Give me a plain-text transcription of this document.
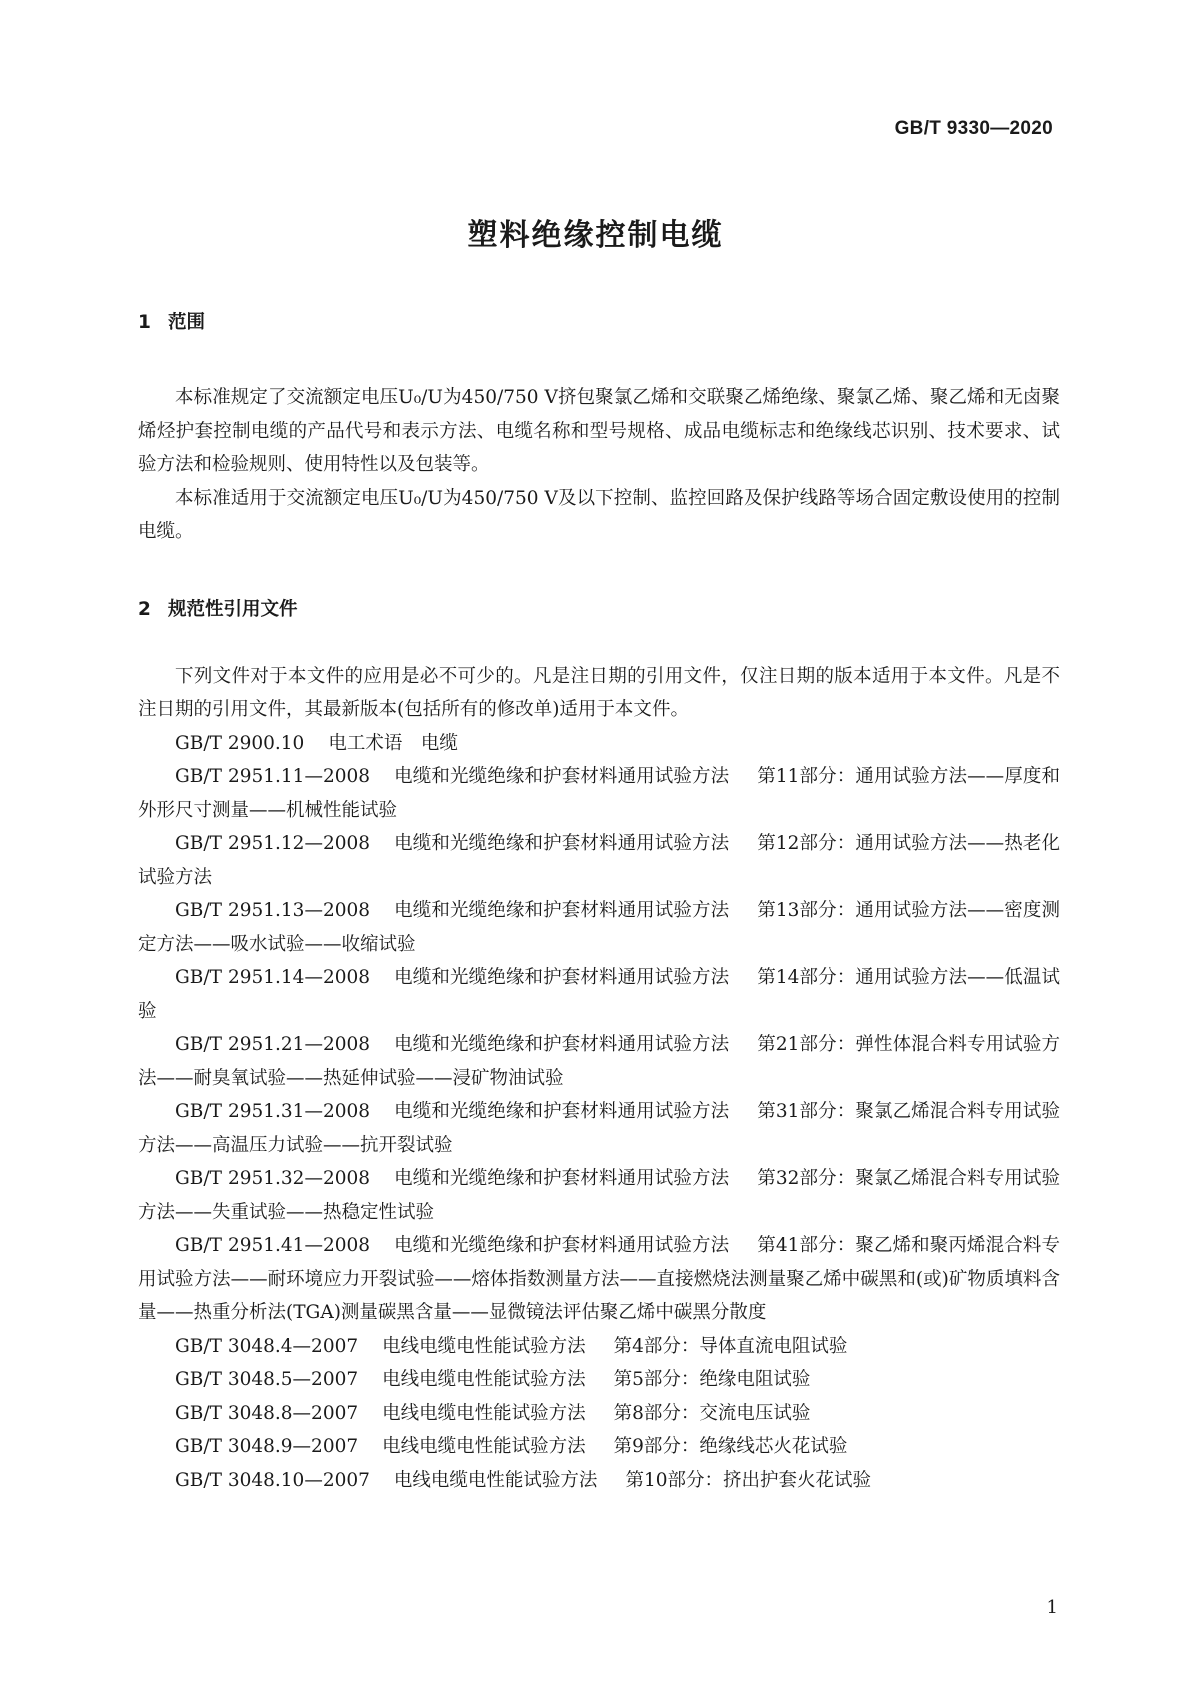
GB/T 9330—2020
塑料绝缘控制电缆
1 范围

本标准规定了交流额定电压U₀/U为450/750 V挤包聚氯乙烯和交联聚乙烯绝缘、聚氯乙烯、聚乙烯和无卤聚烯烃护套控制电缆的产品代号和表示方法、电缆名称和型号规格、成品电缆标志和绝缘线芯识别、技术要求、试验方法和检验规则、使用特性以及包装等。

本标准适用于交流额定电压U₀/U为450/750 V及以下控制、监控回路及保护线路等场合固定敷设使用的控制电缆。

2 规范性引用文件

下列文件对于本文件的应用是必不可少的。凡是注日期的引用文件，仅注日期的版本适用于本文件。凡是不注日期的引用文件，其最新版本(包括所有的修改单)适用于本文件。

GB/T 2900.10 电工术语　电缆

GB/T 2951.11—2008 电缆和光缆绝缘和护套材料通用试验方法 第11部分：通用试验方法——厚度和外形尺寸测量——机械性能试验

GB/T 2951.12—2008 电缆和光缆绝缘和护套材料通用试验方法 第12部分：通用试验方法——热老化试验方法

GB/T 2951.13—2008 电缆和光缆绝缘和护套材料通用试验方法 第13部分：通用试验方法——密度测定方法——吸水试验——收缩试验

GB/T 2951.14—2008 电缆和光缆绝缘和护套材料通用试验方法 第14部分：通用试验方法——低温试验

GB/T 2951.21—2008 电缆和光缆绝缘和护套材料通用试验方法 第21部分：弹性体混合料专用试验方法——耐臭氧试验——热延伸试验——浸矿物油试验

GB/T 2951.31—2008 电缆和光缆绝缘和护套材料通用试验方法 第31部分：聚氯乙烯混合料专用试验方法——高温压力试验——抗开裂试验

GB/T 2951.32—2008 电缆和光缆绝缘和护套材料通用试验方法 第32部分：聚氯乙烯混合料专用试验方法——失重试验——热稳定性试验

GB/T 2951.41—2008 电缆和光缆绝缘和护套材料通用试验方法 第41部分：聚乙烯和聚丙烯混合料专用试验方法——耐环境应力开裂试验——熔体指数测量方法——直接燃烧法测量聚乙烯中碳黑和(或)矿物质填料含量——热重分析法(TGA)测量碳黑含量——显微镜法评估聚乙烯中碳黑分散度

GB/T 3048.4—2007 电线电缆电性能试验方法 第4部分：导体直流电阻试验

GB/T 3048.5—2007 电线电缆电性能试验方法 第5部分：绝缘电阻试验

GB/T 3048.8—2007 电线电缆电性能试验方法 第8部分：交流电压试验

GB/T 3048.9—2007 电线电缆电性能试验方法 第9部分：绝缘线芯火花试验

GB/T 3048.10—2007 电线电缆电性能试验方法 第10部分：挤出护套火花试验

1
